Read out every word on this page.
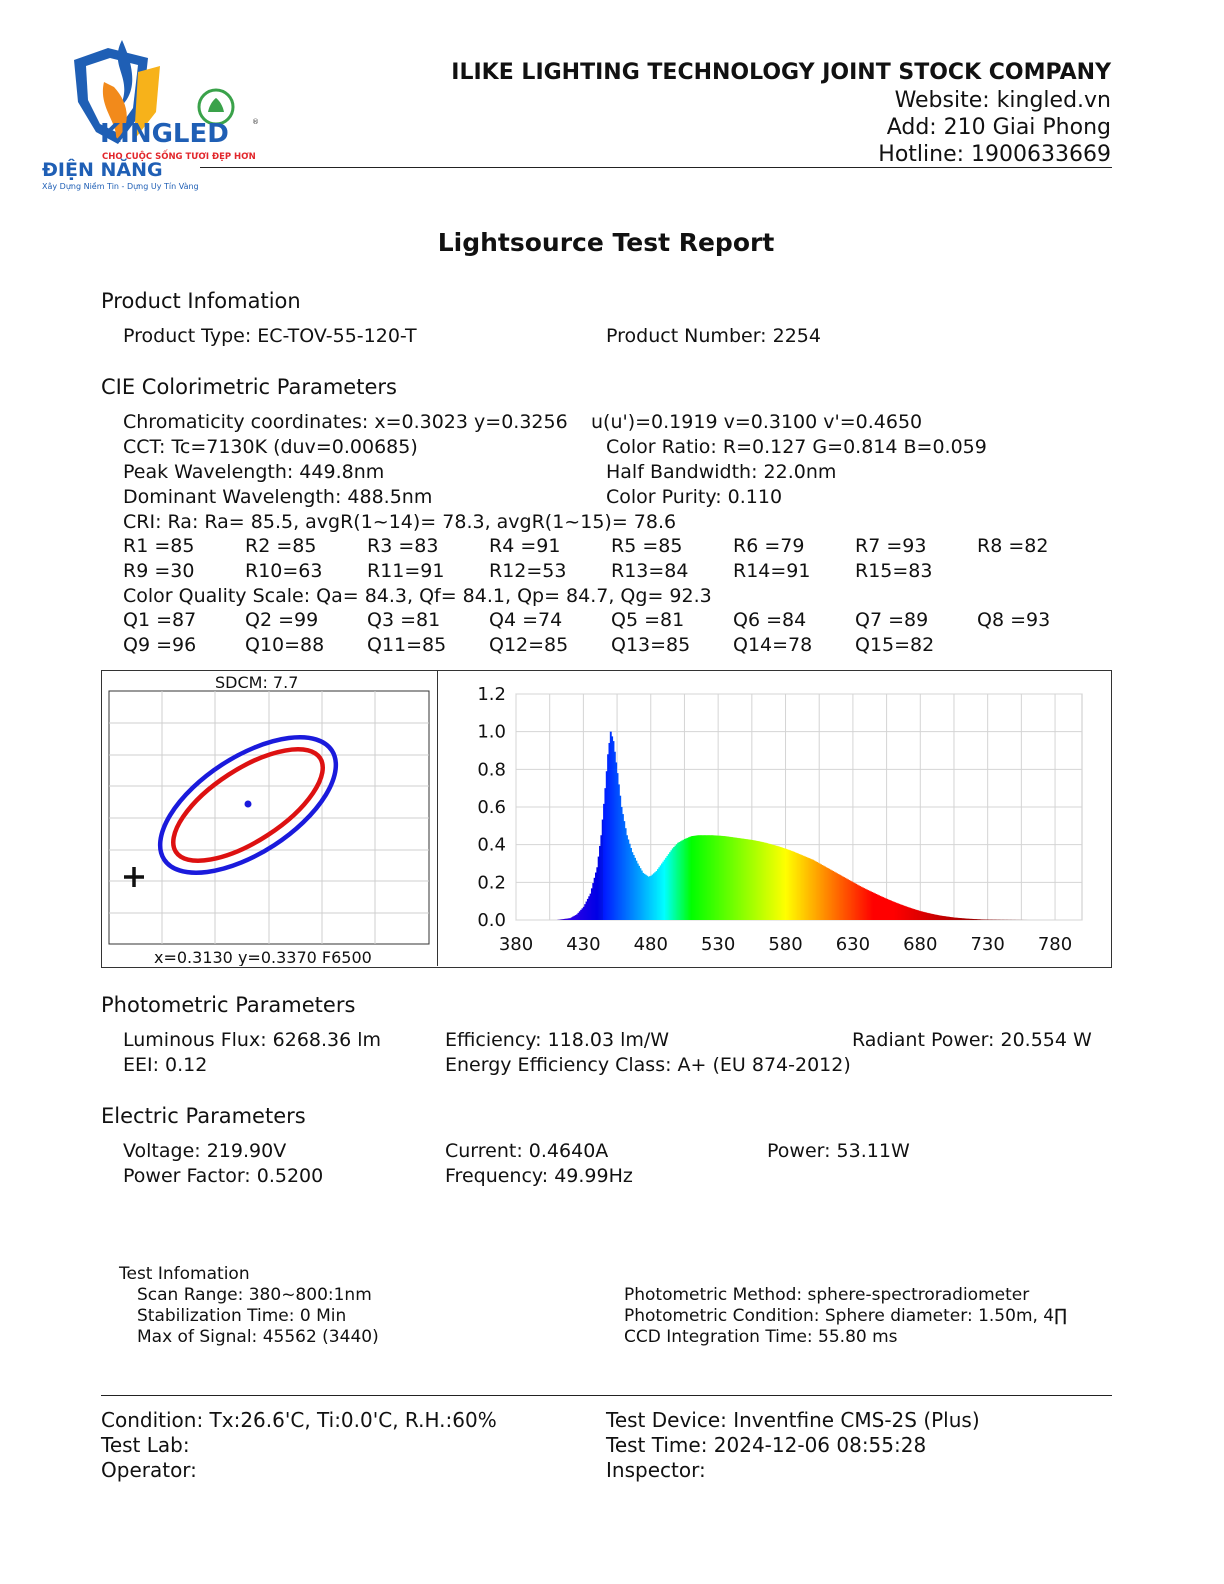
®
KINGLED
CHO CUỘC SỐNG TƯƠI ĐẸP HƠN
ĐIỆN NĂNG
Xây Dựng Niềm Tin - Dựng Uy Tín Vàng
ILIKE LIGHTING TECHNOLOGY JOINT STOCK COMPANY
Website: kingled.vn
Add: 210 Giai Phong
Hotline: 1900633669
Lightsource Test Report
Product Infomation
Product Type: EC-TOV-55-120-T	Product Number: 2254
CIE Colorimetric Parameters
Chromaticity coordinates: x=0.3023 y=0.3256 u(u')=0.1919 v=0.3100 v'=0.4650
CCT: Tc=7130K (duv=0.00685)	Color Ratio: R=0.127 G=0.814 B=0.059
Peak Wavelength: 449.8nm	Half Bandwidth: 22.0nm
Dominant Wavelength: 488.5nm	Color Purity: 0.110
CRI: Ra: Ra= 85.5, avgR(1~14)= 78.3, avgR(1~15)= 78.6
R1 =85	R2 =85	R3 =83	R4 =91	R5 =85	R6 =79	R7 =93	R8 =82
R9 =30	R10=63 R11=91 R12=53 R13=84 R14=91 R15=83
Color Quality Scale: Qa= 84.3, Qf= 84.1, Qp= 84.7, Qg= 92.3
Q1 =87	Q2 =99	Q3 =81	Q4 =74	Q5 =81	Q6 =84	Q7 =89	Q8 =93
Q9 =96	Q10=88 Q11=85 Q12=85 Q13=85 Q14=78 Q15=82
SDCM: 7.7
x=0.3130 y=0.3370 F6500
1.2
1.0
0.8
0.6
0.4
0.2
0.0
380 430 480 530 580 630 680 730 780
Photometric Parameters
Luminous Flux: 6268.36 lm	Efficiency: 118.03 lm/W	Radiant Power: 20.554 W
EEI: 0.12	Energy Efficiency Class: A+ (EU 874-2012)
Electric Parameters
Voltage: 219.90V	Current: 0.4640A	Power: 53.11W
Power Factor: 0.5200	Frequency: 49.99Hz
Test Infomation
Scan Range: 380~800:1nm
Stabilization Time: 0 Min
Max of Signal: 45562 (3440)
Photometric Method: sphere-spectroradiometer
Photometric Condition: Sphere diameter: 1.50m, 4∏
CCD Integration Time: 55.80 ms
Condition: Tx:26.6'C, Ti:0.0'C, R.H.:60%	Test Device: Inventfine CMS-2S (Plus)
Test Lab:	Test Time: 2024-12-06 08:55:28
Operator:	Inspector:
